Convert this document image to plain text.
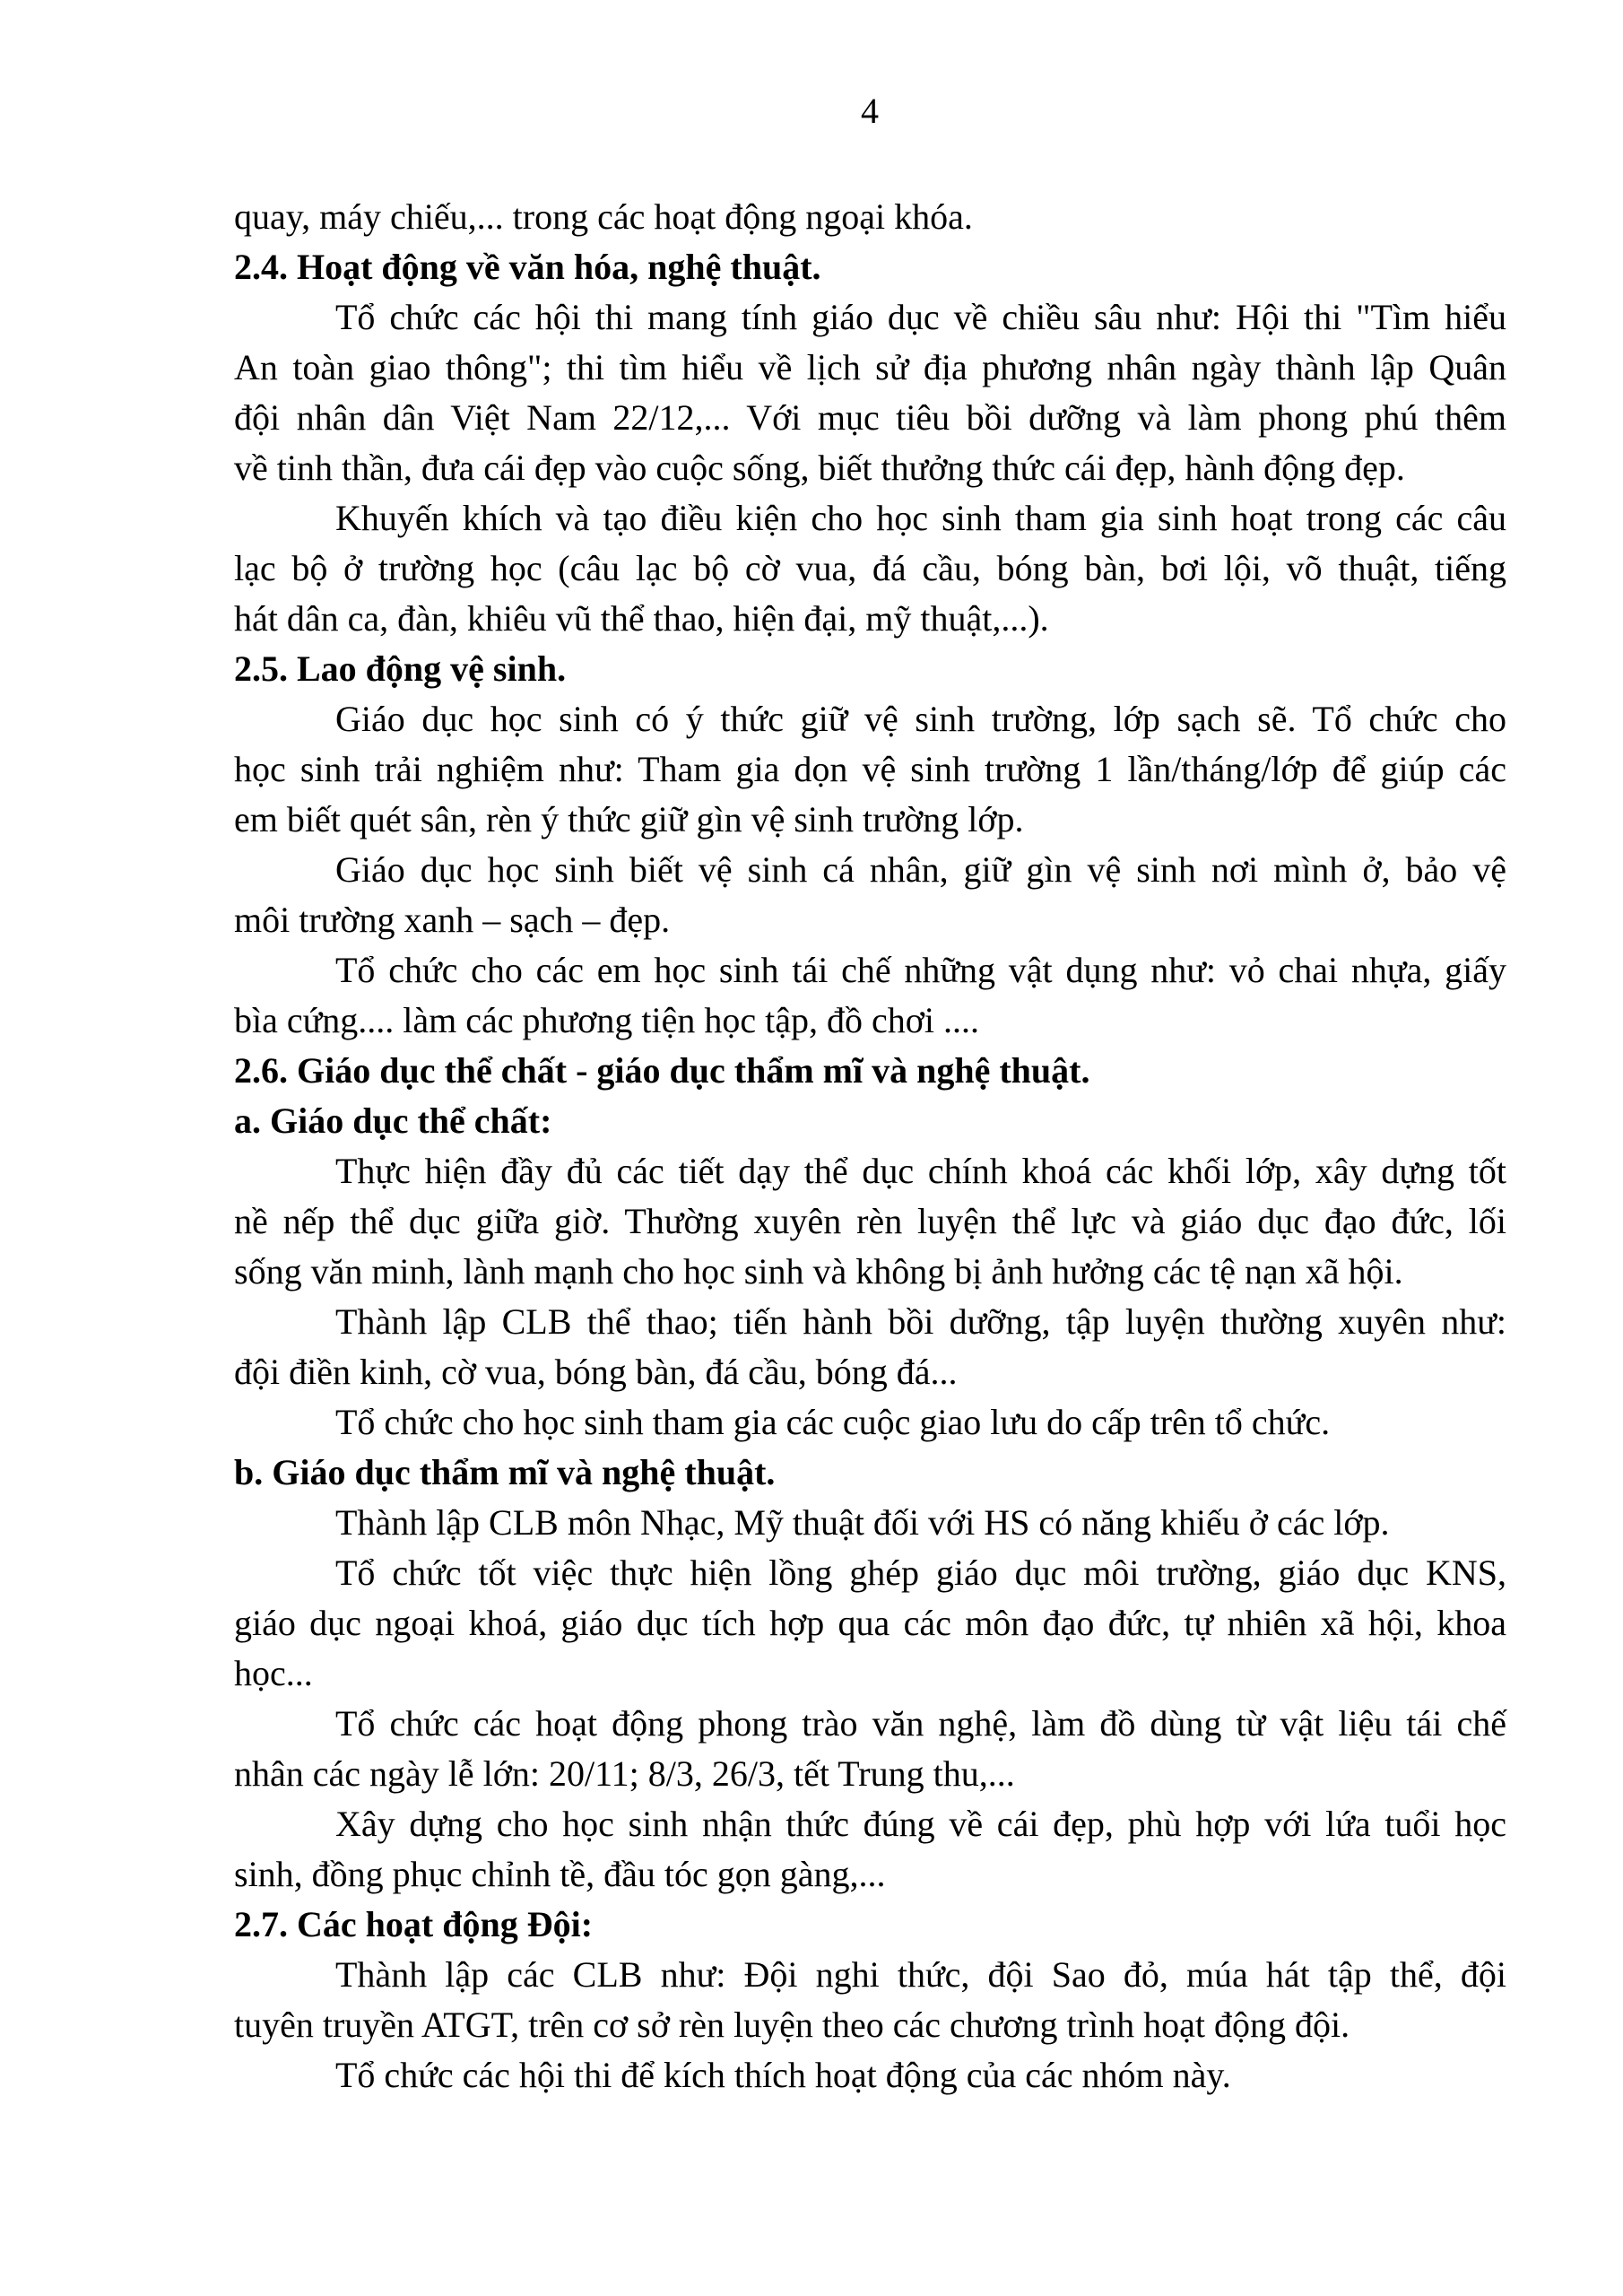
4
quay, máy chiếu,... trong các hoạt động ngoại khóa.
2.4. Hoạt động về văn hóa, nghệ thuật.
Tổ chức các hội thi mang tính giáo dục về chiều sâu như: Hội thi "Tìm hiểu
An toàn giao thông"; thi tìm hiểu về lịch sử địa phương nhân ngày thành lập Quân
đội nhân dân Việt Nam 22/12,... Với mục tiêu bồi dưỡng và làm phong phú thêm
về tinh thần, đưa cái đẹp vào cuộc sống, biết thưởng thức cái đẹp, hành động đẹp.
Khuyến khích và tạo điều kiện cho học sinh tham gia sinh hoạt trong các câu
lạc bộ ở trường học (câu lạc bộ cờ vua, đá cầu, bóng bàn, bơi lội, võ thuật, tiếng
hát dân ca, đàn, khiêu vũ thể thao, hiện đại, mỹ thuật,...).
2.5. Lao động vệ sinh.
Giáo dục học sinh có ý thức giữ vệ sinh trường, lớp sạch sẽ. Tổ chức cho
học sinh trải nghiệm như: Tham gia dọn vệ sinh trường 1 lần/tháng/lớp để giúp các
em biết quét sân, rèn ý thức giữ gìn vệ sinh trường lớp.
Giáo dục học sinh biết vệ sinh cá nhân, giữ gìn vệ sinh nơi mình ở, bảo vệ
môi trường xanh – sạch – đẹp.
Tổ chức cho các em học sinh tái chế những vật dụng như: vỏ chai nhựa, giấy
bìa cứng.... làm các phương tiện học tập, đồ chơi ....
2.6. Giáo dục thể chất - giáo dục thẩm mĩ và nghệ thuật.
a. Giáo dục thể chất:
Thực hiện đầy đủ các tiết dạy thể dục chính khoá các khối lớp, xây dựng tốt
nề nếp thể dục giữa giờ. Thường xuyên rèn luyện thể lực và giáo dục đạo đức, lối
sống văn minh, lành mạnh cho học sinh và không bị ảnh hưởng các tệ nạn xã hội.
Thành lập CLB thể thao; tiến hành bồi dưỡng, tập luyện thường xuyên như:
đội điền kinh, cờ vua, bóng bàn, đá cầu, bóng đá...
Tổ chức cho học sinh tham gia các cuộc giao lưu do cấp trên tổ chức.
b. Giáo dục thẩm mĩ và nghệ thuật.
Thành lập CLB môn Nhạc, Mỹ thuật đối với HS có năng khiếu ở các lớp.
Tổ chức tốt việc thực hiện lồng ghép giáo dục môi trường, giáo dục KNS,
giáo dục ngoại khoá, giáo dục tích hợp qua các môn đạo đức, tự nhiên xã hội, khoa
học...
Tổ chức các hoạt động phong trào văn nghệ, làm đồ dùng từ vật liệu tái chế
nhân các ngày lễ lớn: 20/11; 8/3, 26/3, tết Trung thu,...
Xây dựng cho học sinh nhận thức đúng về cái đẹp, phù hợp với lứa tuổi học
sinh, đồng phục chỉnh tề, đầu tóc gọn gàng,...
2.7. Các hoạt động Đội:
Thành lập các CLB như: Đội nghi thức, đội Sao đỏ, múa hát tập thể, đội
tuyên truyền ATGT, trên cơ sở rèn luyện theo các chương trình hoạt động đội.
Tổ chức các hội thi để kích thích hoạt động của các nhóm này.
